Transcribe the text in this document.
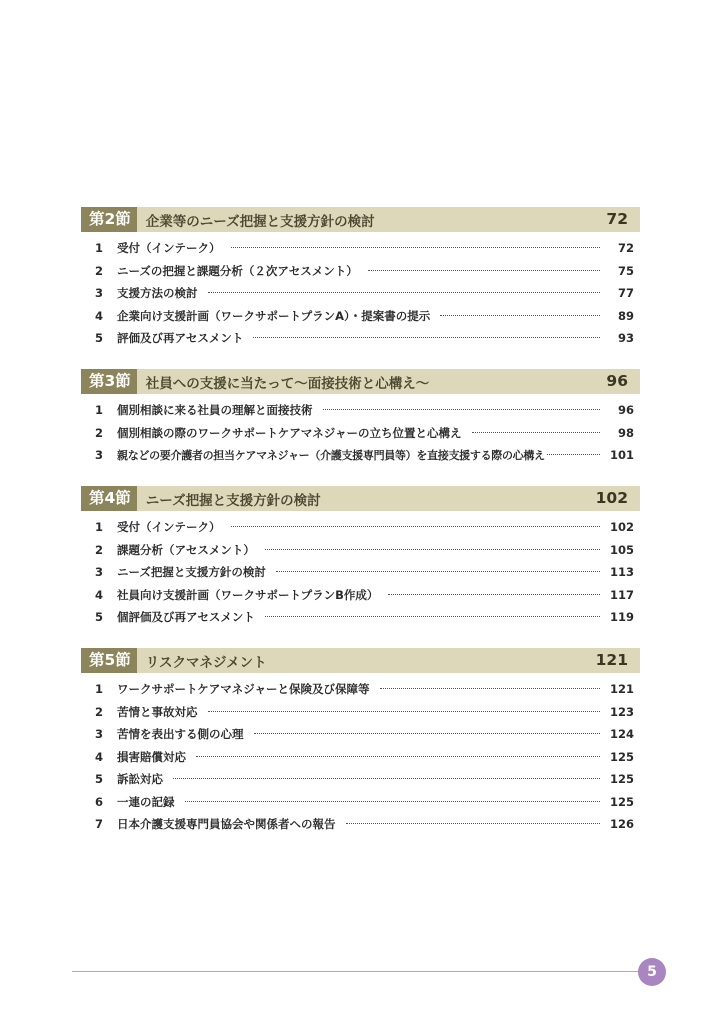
第2節	企業等のニーズ把握と支援方針の検討	72
1	受付（インテーク）	72
2	ニーズの把握と課題分析（２次アセスメント）	75
3	支援方法の検討	77
4	企業向け支援計画（ワークサポートプランA）・提案書の提示	89
5	評価及び再アセスメント	93
第3節	社員への支援に当たって～面接技術と心構え～	96
1	個別相談に来る社員の理解と面接技術	96
2	個別相談の際のワークサポートケアマネジャーの立ち位置と心構え	98
3	親などの要介護者の担当ケアマネジャー（介護支援専門員等）を直接支援する際の心構え	101
第4節	ニーズ把握と支援方針の検討	102
1	受付（インテーク）	102
2	課題分析（アセスメント）	105
3	ニーズ把握と支援方針の検討	113
4	社員向け支援計画（ワークサポートプランB作成）	117
5	個評価及び再アセスメント	119
第5節	リスクマネジメント	121
1	ワークサポートケアマネジャーと保険及び保障等	121
2	苦情と事故対応	123
3	苦情を表出する側の心理	124
4	損害賠償対応	125
5	訴訟対応	125
6	一連の記録	125
7	日本介護支援専門員協会や関係者への報告	126
5
